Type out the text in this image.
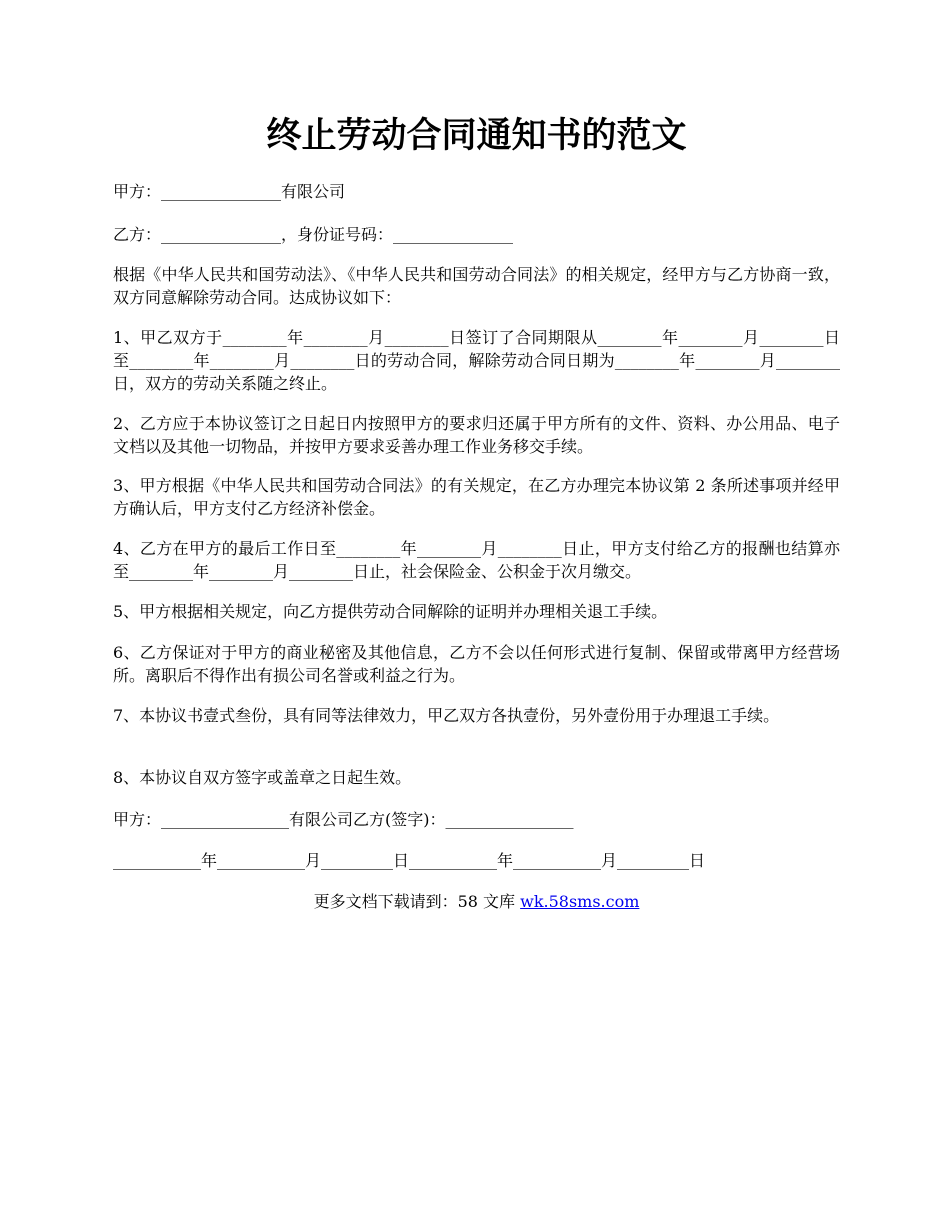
终止劳动合同通知书的范文

甲方：_______________有限公司

乙方：_______________，身份证号码：_______________

根据《中华人民共和国劳动法》、《中华人民共和国劳动合同法》的相关规定，经甲方与乙方协商一致，双方同意解除劳动合同。达成协议如下：

1、甲乙双方于________年________月________日签订了合同期限从________年________月________日至________年________月________日的劳动合同，解除劳动合同日期为________年________月________日，双方的劳动关系随之终止。

2、乙方应于本协议签订之日起日内按照甲方的要求归还属于甲方所有的文件、资料、办公用品、电子文档以及其他一切物品，并按甲方要求妥善办理工作业务移交手续。

3、甲方根据《中华人民共和国劳动合同法》的有关规定，在乙方办理完本协议第 2 条所述事项并经甲方确认后，甲方支付乙方经济补偿金。

4、乙方在甲方的最后工作日至________年________月________日止，甲方支付给乙方的报酬也结算亦至________年________月________日止，社会保险金、公积金于次月缴交。

5、甲方根据相关规定，向乙方提供劳动合同解除的证明并办理相关退工手续。

6、乙方保证对于甲方的商业秘密及其他信息，乙方不会以任何形式进行复制、保留或带离甲方经营场所。离职后不得作出有损公司名誉或利益之行为。

7、本协议书壹式叁份，具有同等法律效力，甲乙双方各执壹份，另外壹份用于办理退工手续。

8、本协议自双方签字或盖章之日起生效。

甲方：________________有限公司乙方(签字)：________________

___________年___________月_________日___________年___________月_________日

更多文档下载请到：58 文库 wk.58sms.com
